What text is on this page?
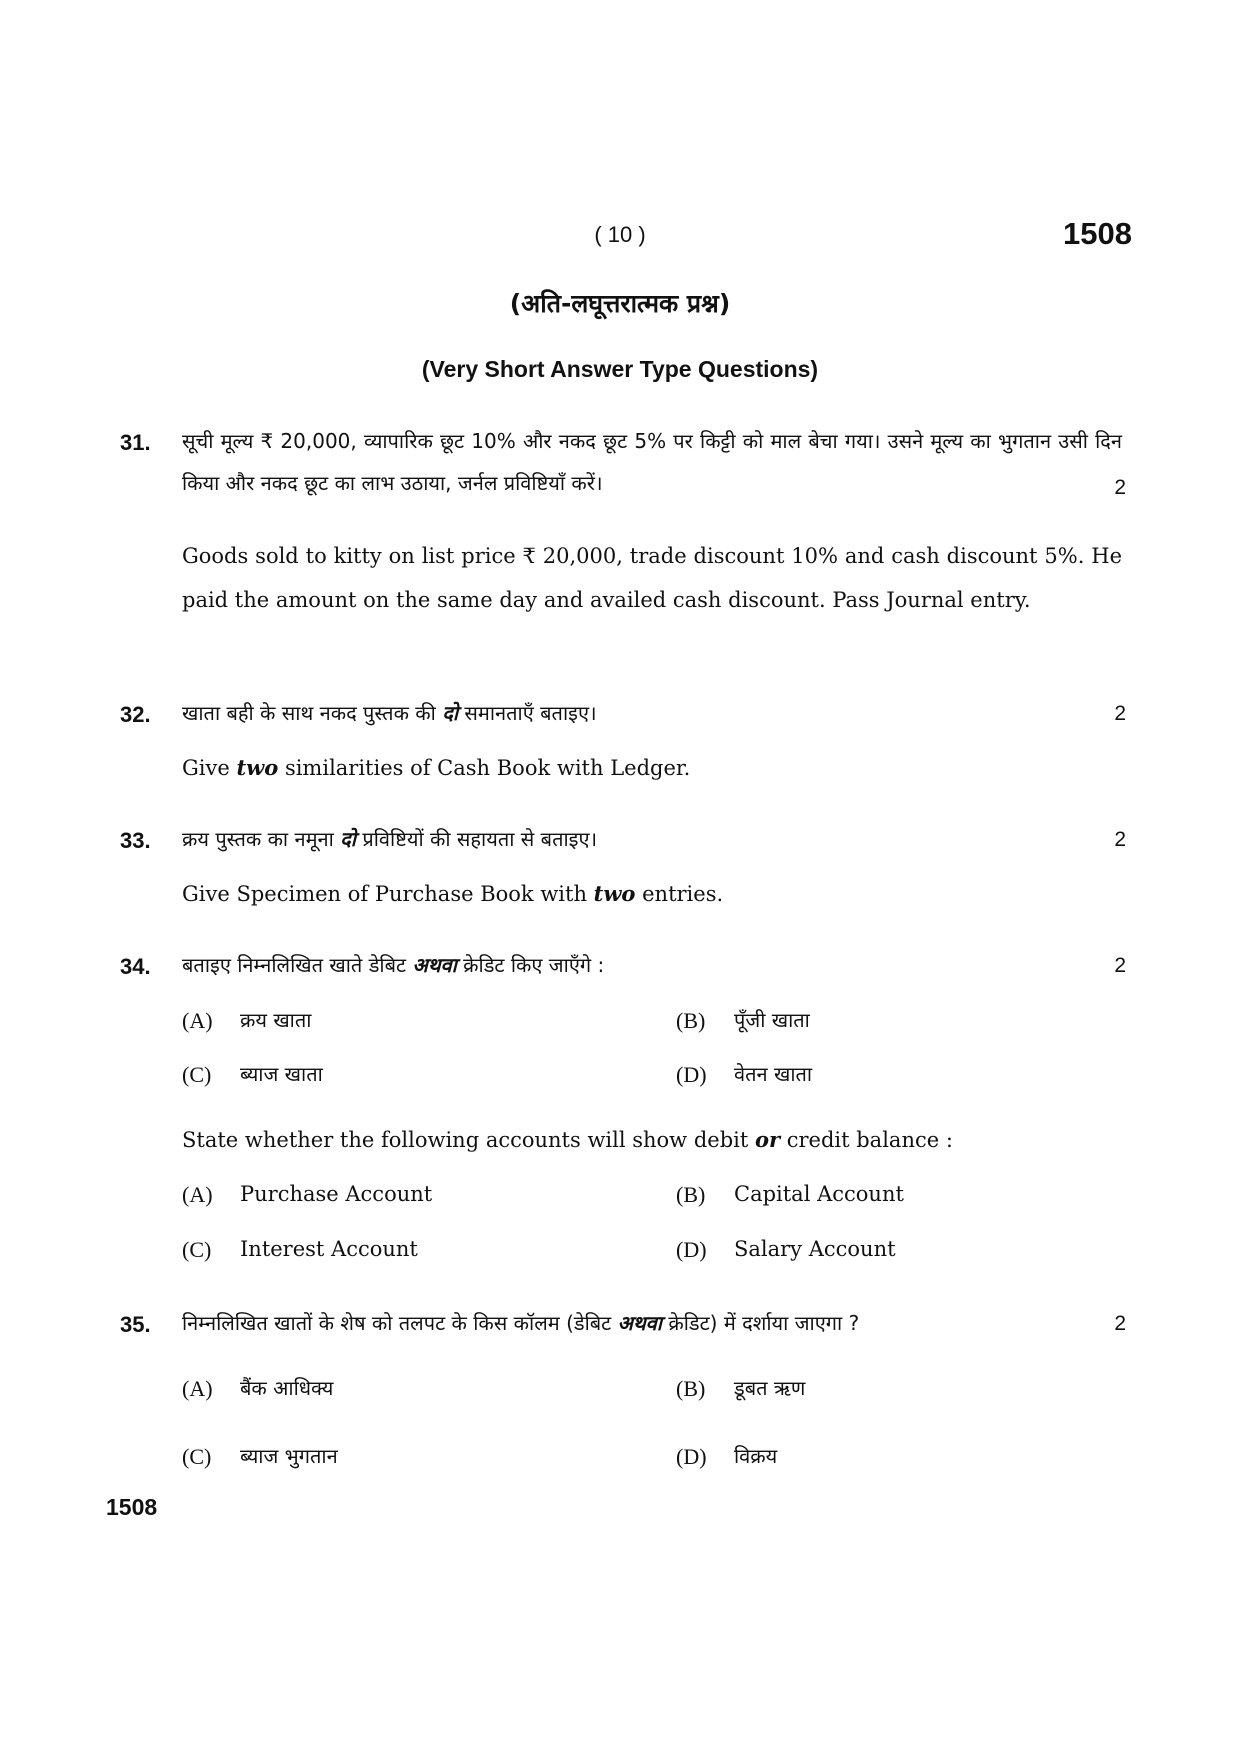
( 10 )	1508
(अति-लघूत्तरात्मक प्रश्न)
(Very Short Answer Type Questions)
31.	सूची मूल्य ₹ 20,000, व्यापारिक छूट 10% और नकद छूट 5% पर किट्टी को माल बेचा गया। उसने मूल्य का भुगतान उसी दिन किया और नकद छूट का लाभ उठाया, जर्नल प्रविष्टियाँ करें।	2
Goods sold to kitty on list price ₹ 20,000, trade discount 10% and cash discount 5%. He paid the amount on the same day and availed cash discount. Pass Journal entry.
32.	खाता बही के साथ नकद पुस्तक की दो समानताएँ बताइए।	2
Give two similarities of Cash Book with Ledger.
33.	क्रय पुस्तक का नमूना दो प्रविष्टियों की सहायता से बताइए।	2
Give Specimen of Purchase Book with two entries.
34.	बताइए निम्नलिखित खाते डेबिट अथवा क्रेडिट किए जाएँगे :	2
(A) क्रय खाता	(B) पूँजी खाता
(C) ब्याज खाता	(D) वेतन खाता
State whether the following accounts will show debit or credit balance :
(A) Purchase Account	(B) Capital Account
(C) Interest Account	(D) Salary Account
35.	निम्नलिखित खातों के शेष को तलपट के किस कॉलम (डेबिट अथवा क्रेडिट) में दर्शाया जाएगा ?	2
(A) बैंक आधिक्य	(B) डूबत ऋण
(C) ब्याज भुगतान	(D) विक्रय
1508
